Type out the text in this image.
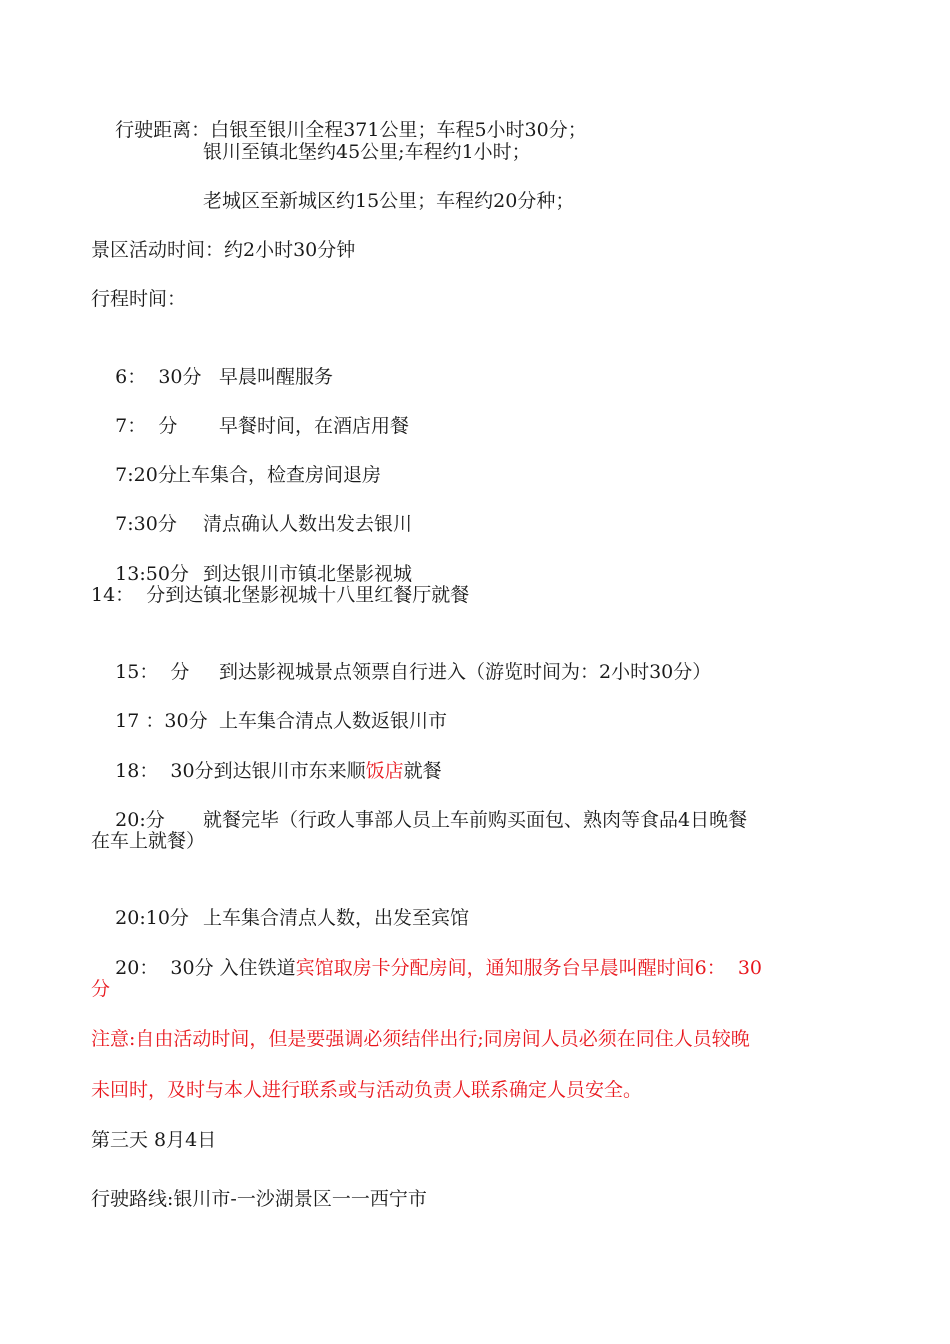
行驶距离：白银至银川全程371公里；车程5小时30分；

银川至镇北堡约45公里;车程约1小时；
老城区至新城区约15公里；车程约20分种；
景区活动时间：约2小时30分钟
行程时间：

6：  30分 早晨叫醒服务

7：  分 早餐时间，在酒店用餐

7:20分
上车集合，检查房间退房

7:30分 清点确认人数出发去银川

13:50分 到达银川市镇北堡影视城

14：  分到达镇北堡影视城十八里红餐厅就餐

15：  分 到达影视城景点领票自行进入（游览时间为：2小时30分）

17 ：30分 上车集合清点人数返银川市

18：  30分到达银川市东来顺饭店就餐

20:分 就餐完毕（行政人事部人员上车前购买面包、熟肉等食品4日晚餐

在车上就餐）

20:10分 上车集合清点人数，出发至宾馆

20：  30分 入住铁道宾馆取房卡分配房间，通知服务台早晨叫醒时间6：  30

分
注意:自由活动时间，但是要强调必须结伴出行;同房间人员必须在同住人员较晚
未回时，及时与本人进行联系或与活动负责人联系确定人员安全。
第三天 8月4日
行驶路线:银川市-一沙湖景区一一西宁市
